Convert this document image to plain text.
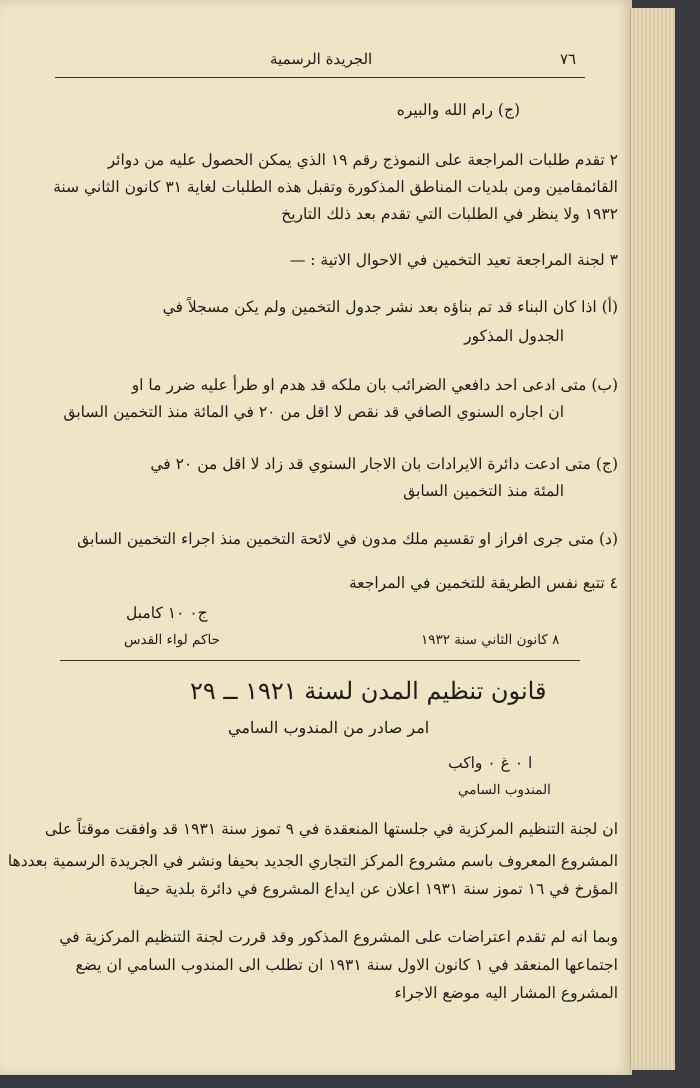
٧٦
الجريدة الرسمية
(ج) رام الله والبيره
٢ تقدم طلبات المراجعة على النموذج رقم ١٩ الذي يمكن الحصول عليه من دوائر
القائمقامين ومن بلديات المناطق المذكورة وتقبل هذه الطلبات لغاية ٣١ كانون الثاني سنة
١٩٣٢ ولا ينظر في الطلبات التي تقدم بعد ذلك التاريخ
٣ لجنة المراجعة تعيد التخمين في الاحوال الاتية : —
(أ) اذا كان البناء قد تم بناؤه بعد نشر جدول التخمين ولم يكن مسجلاً في
الجدول المذكور
(ب) متى ادعى احد دافعي الضرائب بان ملكه قد هدم او طرأ عليه ضرر ما او
ان اجاره السنوي الصافي قد نقص لا اقل من ٢٠ في المائة منذ التخمين السابق
(ج) متى ادعت دائرة الايرادات بان الاجار السنوي قد زاد لا اقل من ٢٠ في
المئة منذ التخمين السابق
(د) متى جرى افراز او تقسيم ملك مدون في لائحة التخمين منذ اجراء التخمين السابق
٤ تتبع نفس الطريقة للتخمين في المراجعة
ج٠ ١٠ كامبل
حاكم لواء القدس	٨ كانون الثاني سنة ١٩٣٢
قانون تنظيم المدن لسنة ١٩٢١ ــ ٢٩
امر صادر من المندوب السامي
ا ٠ غ ٠ واكب
المندوب السامي
ان لجنة التنظيم المركزية في جلستها المنعقدة في ٩ تموز سنة ١٩٣١ قد وافقت موقتاً على
المشروع المعروف باسم مشروع المركز التجاري الجديد بحيفا ونشر في الجريدة الرسمية بعددها
المؤرخ في ١٦ تموز سنة ١٩٣١ اعلان عن ايداع المشروع في دائرة بلدية حيفا
وبما انه لم تقدم اعتراضات على المشروع المذكور وقد قررت لجنة التنظيم المركزية في
اجتماعها المنعقد في ١ كانون الاول سنة ١٩٣١ ان تطلب الى المندوب السامي ان يضع
المشروع المشار اليه موضع الاجراء
